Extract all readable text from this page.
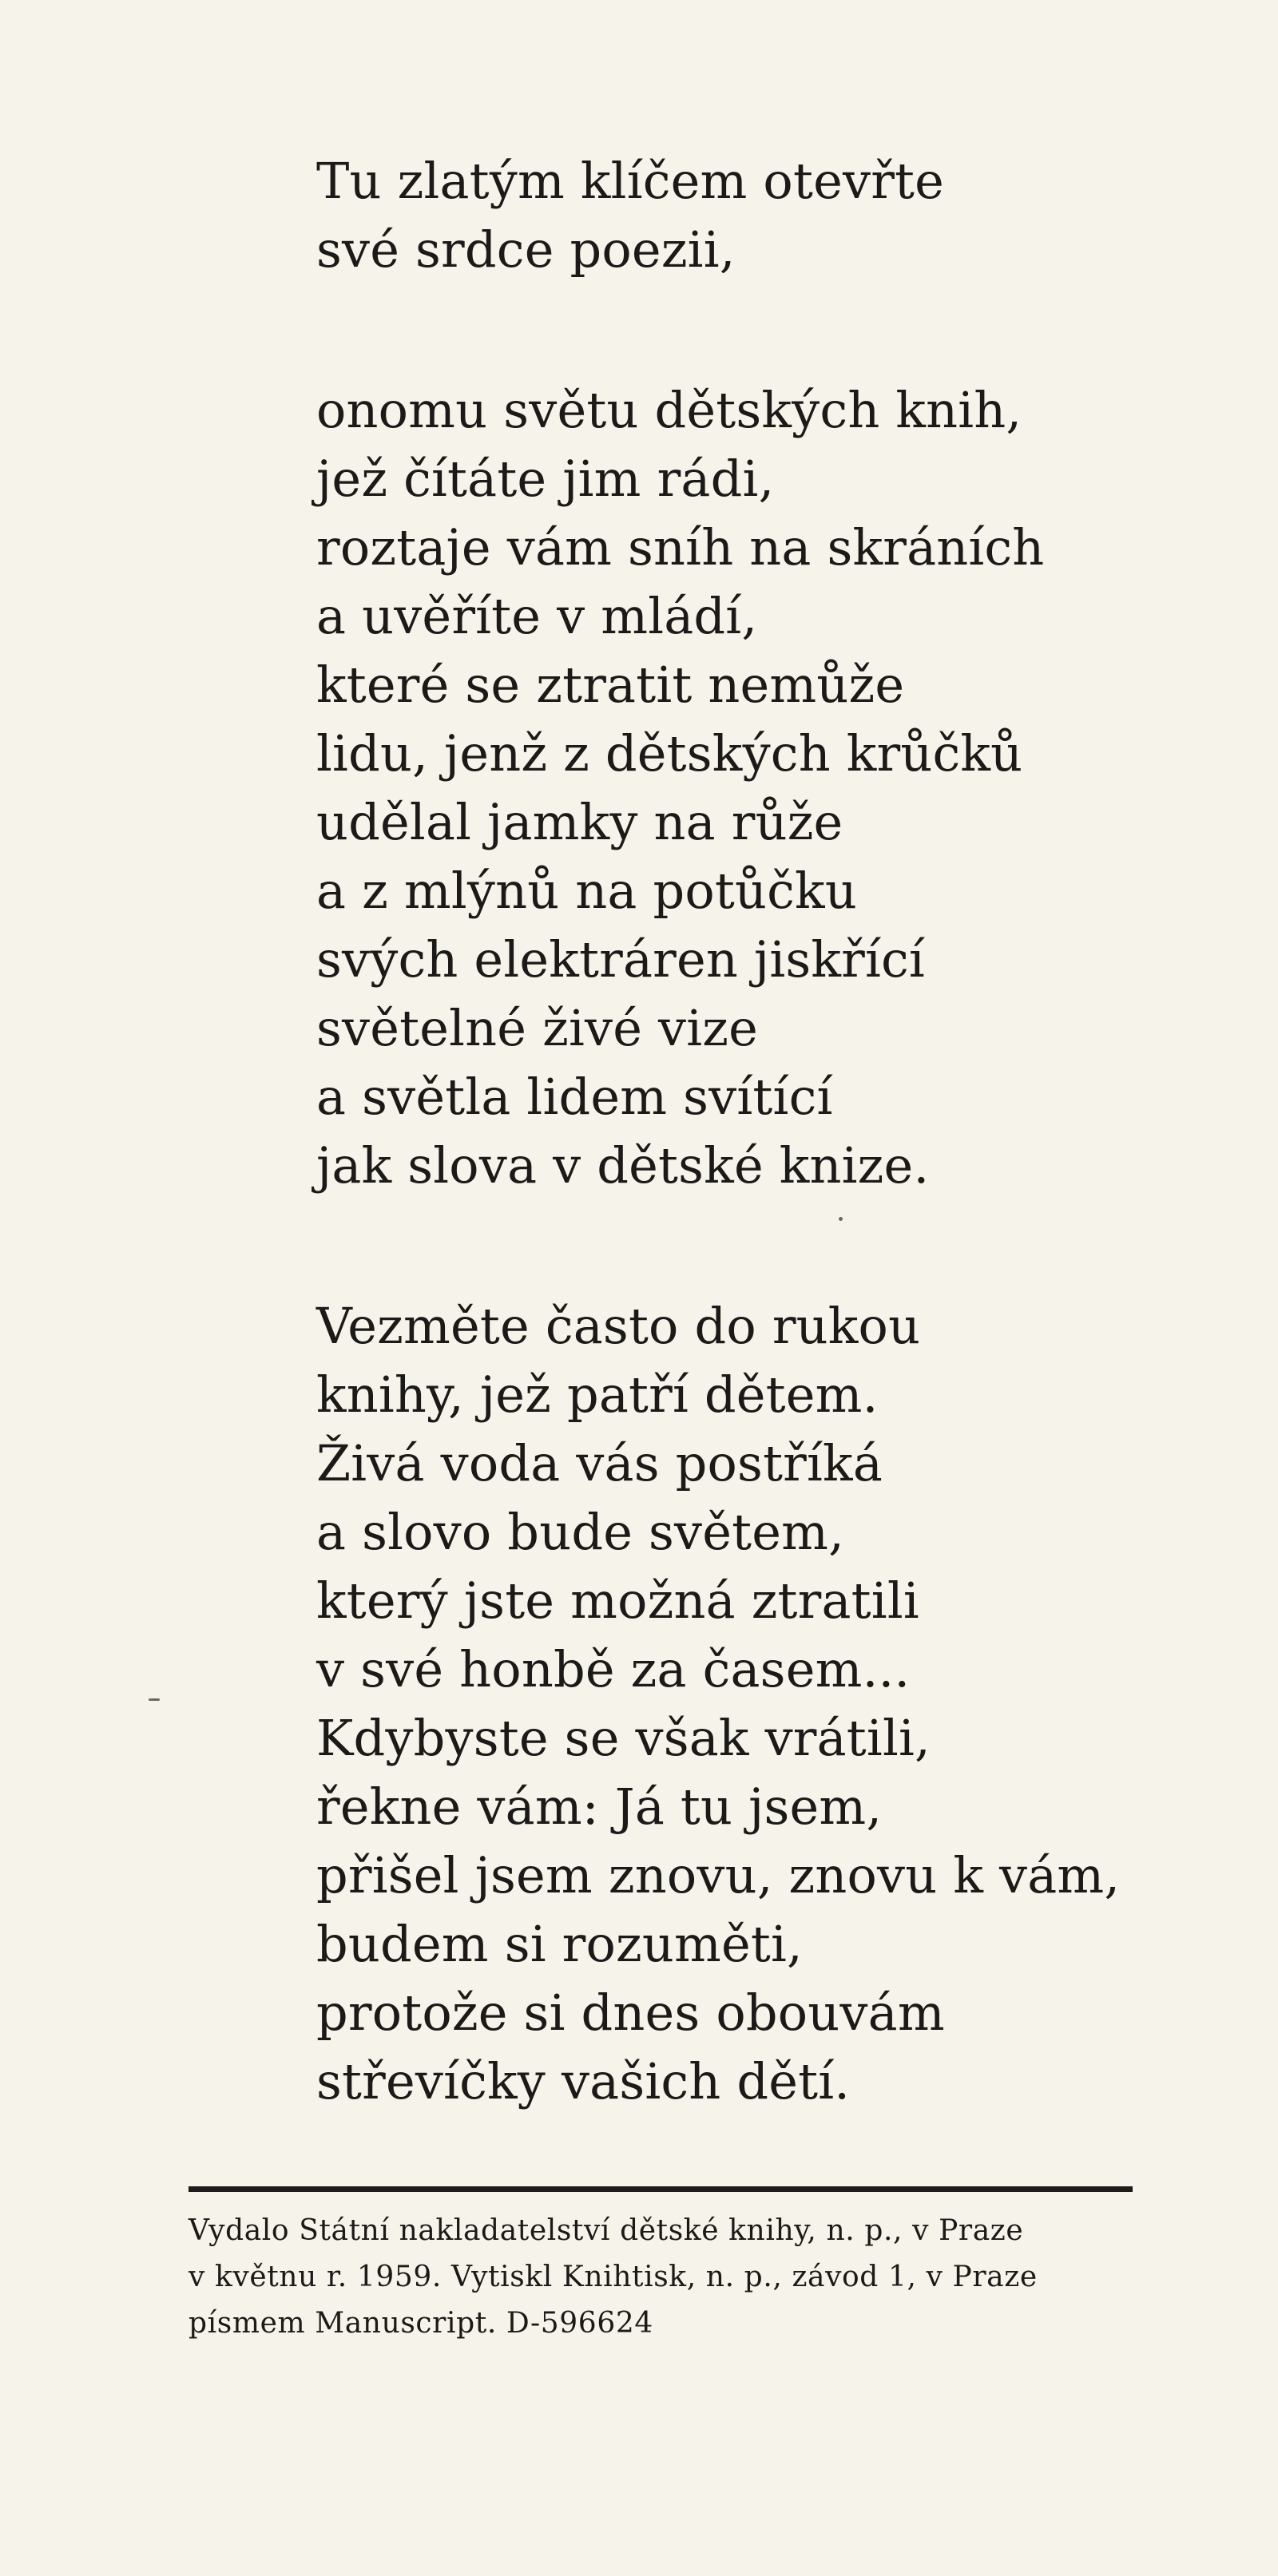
Tu zlatým klíčem otevřte
své srdce poezii,
onomu světu dětských knih,
jež čítáte jim rádi,
roztaje vám sníh na skráních
a uvěříte v mládí,
které se ztratit nemůže
lidu, jenž z dětských krůčků
udělal jamky na růže
a z mlýnů na potůčku
svých elektráren jiskřící
světelné živé vize
a světla lidem svítící
jak slova v dětské knize.
Vezměte často do rukou
knihy, jež patří dětem.
Živá voda vás postříká
a slovo bude světem,
který jste možná ztratili
v své honbě za časem...
Kdybyste se však vrátili,
řekne vám: Já tu jsem,
přišel jsem znovu, znovu k vám,
budem si rozuměti,
protože si dnes obouvám
střevíčky vašich dětí.
Vydalo Státní nakladatelství dětské knihy, n. p., v Praze
v květnu r. 1959. Vytiskl Knihtisk, n. p., závod 1, v Praze
písmem Manuscript. D-596624
